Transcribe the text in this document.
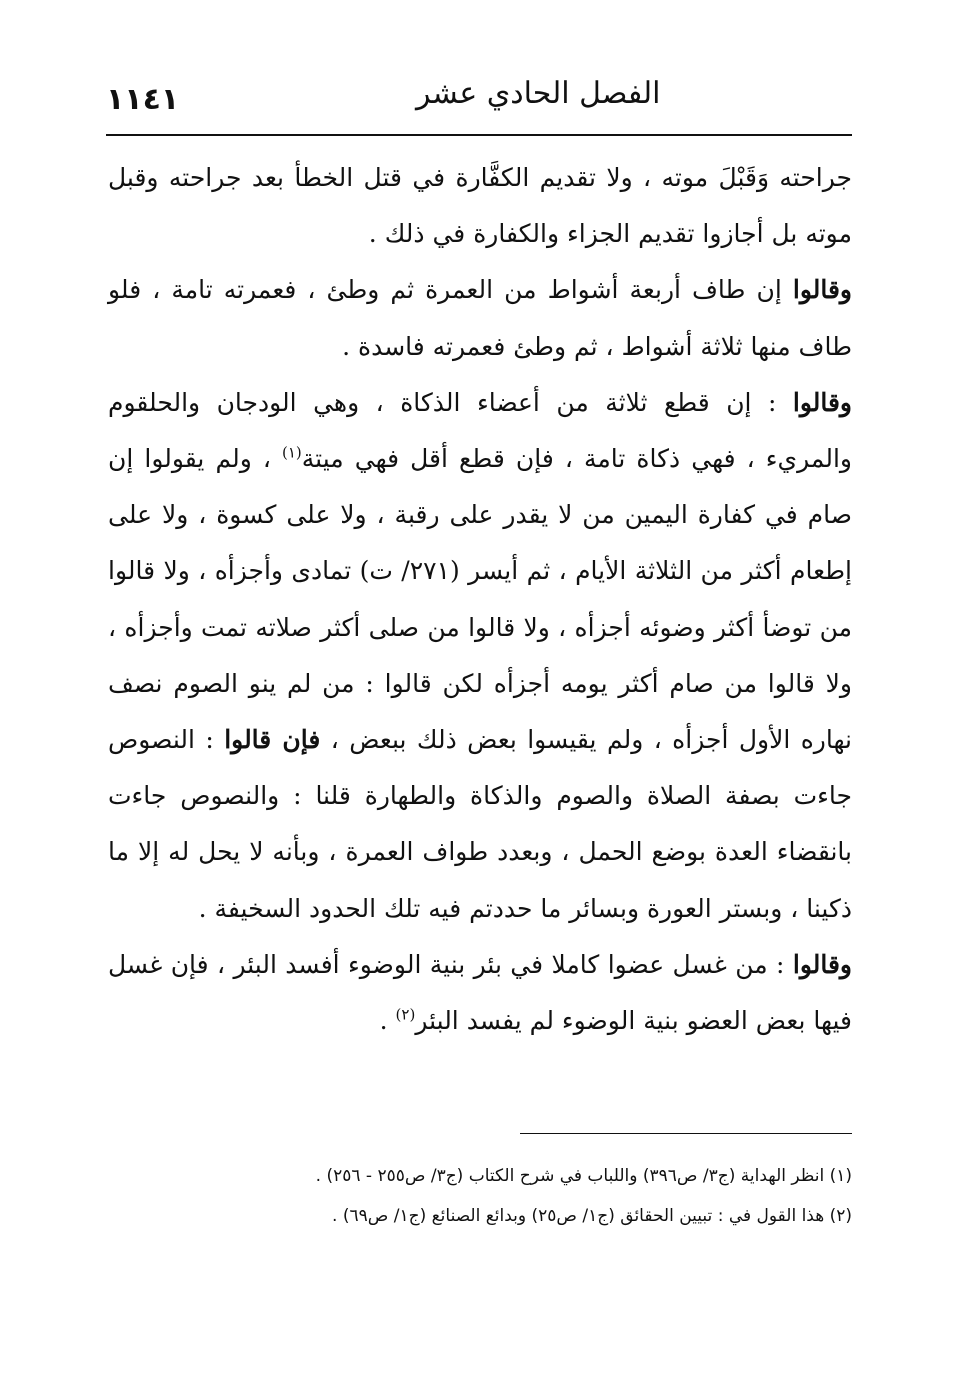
الفصل الحادي عشر
١١٤١

جراحته وَقَبْلَ موته ، ولا تقديم الكفَّارة في قتل الخطأ بعد جراحته وقبل موته بل أجازوا تقديم الجزاء والكفارة في ذلك .

وقالوا إن طاف أربعة أشواط من العمرة ثم وطئ ، فعمرته تامة ، فلو طاف منها ثلاثة أشواط ، ثم وطئ فعمرته فاسدة .

وقالوا : إن قطع ثلاثة من أعضاء الذكاة ، وهي الودجان والحلقوم والمريء ، فهي ذكاة تامة ، فإن قطع أقل فهي ميتة$^{(١)}$ ، ولم يقولوا إن صام في كفارة اليمين من لا يقدر على رقبة ، ولا على كسوة ، ولا على إطعام أكثر من الثلاثة الأيام ، ثم أيسر (٢٧١/ ت) تمادى وأجزأه ، ولا قالوا من توضأ أكثر وضوئه أجزأه ، ولا قالوا من صلى أكثر صلاته تمت وأجزأه ، ولا قالوا من صام أكثر يومه أجزأه لكن قالوا : من لم ينو الصوم نصف نهاره الأول أجزأه ، ولم يقيسوا بعض ذلك ببعض ، فإن قالوا : النصوص جاءت بصفة الصلاة والصوم والذكاة والطهارة قلنا : والنصوص جاءت بانقضاء العدة بوضع الحمل ، وبعدد طواف العمرة ، وبأنه لا يحل له إلا ما ذكينا ، وبستر العورة وبسائر ما حددتم فيه تلك الحدود السخيفة .

وقالوا : من غسل عضوا كاملا في بئر بنية الوضوء أفسد البئر ، فإن غسل فيها بعض العضو بنية الوضوء لم يفسد البئر$^{(٢)}$ .

(١) انظر الهداية (ج٣/ ص٣٩٦) واللباب في شرح الكتاب (ج٣/ ص٢٥٥ - ٢٥٦) .

(٢) هذا القول في : تبيين الحقائق (ج١/ ص٢٥) وبدائع الصنائع (ج١/ ص٦٩) .
